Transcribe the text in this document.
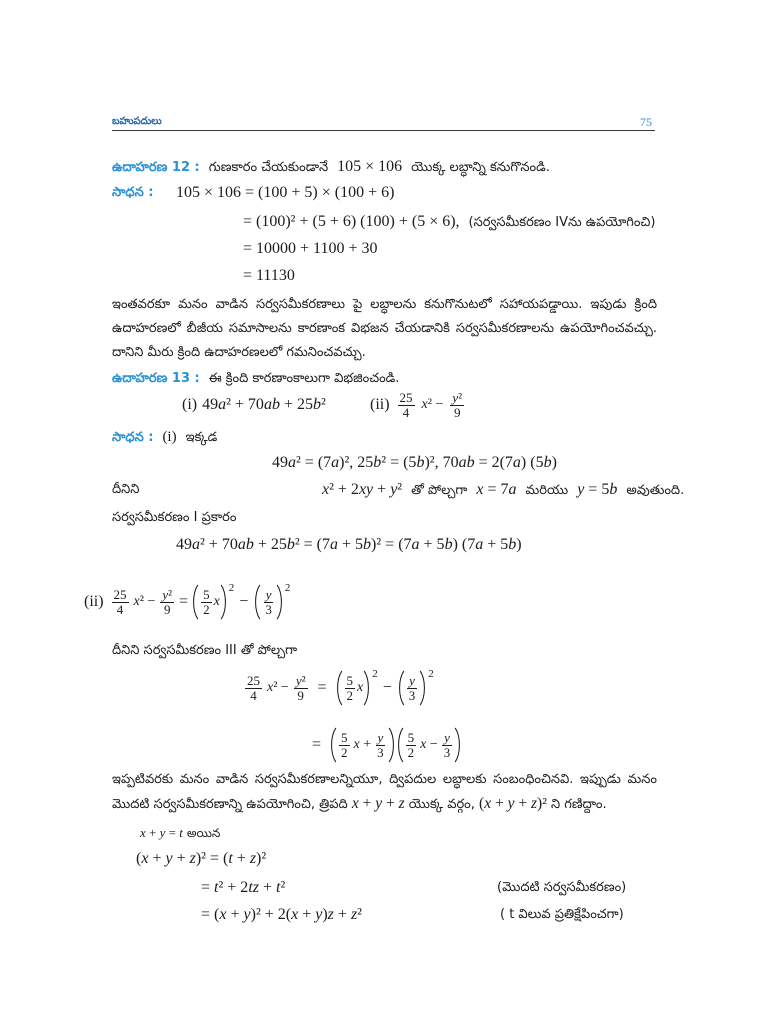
బహుపదులు	75
ఉదాహరణ 12 : గుణకారం చేయకుండానే 105 × 106 యొక్క లబ్ధాన్ని కనుగొనండి.
సాధన :	105 × 106 = (100 + 5) × (100 + 6)
= (100)² + (5 + 6) (100) + (5 × 6), (సర్వసమీకరణం IVను ఉపయోగించి)
= 10000 + 1100 + 30
= 11130
ఇంతవరకూ మనం వాడిన సర్వసమీకరణాలు పై లబ్ధాలను కనుగొనుటలో సహాయపడ్డాయి. ఇపుడు క్రింది ఉదాహరణలో బీజీయ సమాసాలను కారణాంక విభజన చేయడానికి సర్వసమీకరణాలను ఉపయోగించవచ్చు. దానిని మీరు క్రింది ఉదాహరణలలో గమనించవచ్చు.
ఉదాహరణ 13 : ఈ క్రింది కారణాంకాలుగా విభజించండి.
(i) 49a² + 70ab + 25b²	$(ii) \frac{25}{4} x^2 - \frac{\text{y²}}{9}$
సాధన : (i) ఇక్కడ
49a² = (7a)², 25b² = (5b)², 70ab = 2(7a) (5b)
దీనిని	x² + 2xy + y² తో పోల్చగా x = 7a మరియు y = 5b అవుతుంది.
సర్వసమీకరణం I ప్రకారం
49a² + 70ab + 25b² = (7a + 5b)² = (7a + 5b) (7a + 5b)
$(ii) \frac{25}{4} x^2 - \frac{\text{y²}}{9} = \frac{5}{2}$ x
2
− $\frac{y}{3} 2$
దీనిని సర్వసమీకరణం III తో పోల్చగా
$\frac{25}{4} x^2 - \frac{\text{y²}}{9} = \frac{5}{2}$ x
2
− $\frac{y}{3} 2$
= $\frac{5}{2}$ $x + \frac{y}{3} \frac{5}{2}$ $x - \frac{y}{3}$
ఇప్పటివరకు మనం వాడిన సర్వసమీకరణాలన్నియూ, ద్విపదుల లబ్ధాలకు సంబంధించినవి. ఇప్పుడు మనం మొదటి సర్వసమీకరణాన్ని ఉపయోగించి, త్రిపది x + y + z యొక్క వర్గం, (x + y + z)² ని గణిద్దాం.
x + y = t అయిన
(x + y + z)² = (t + z)²
= t² + 2tz + t²	(మొదటి సర్వసమీకరణం)
= (x + y)² + 2(x + y)z + z²	( t విలువ ప్రతిక్షేపించగా)
